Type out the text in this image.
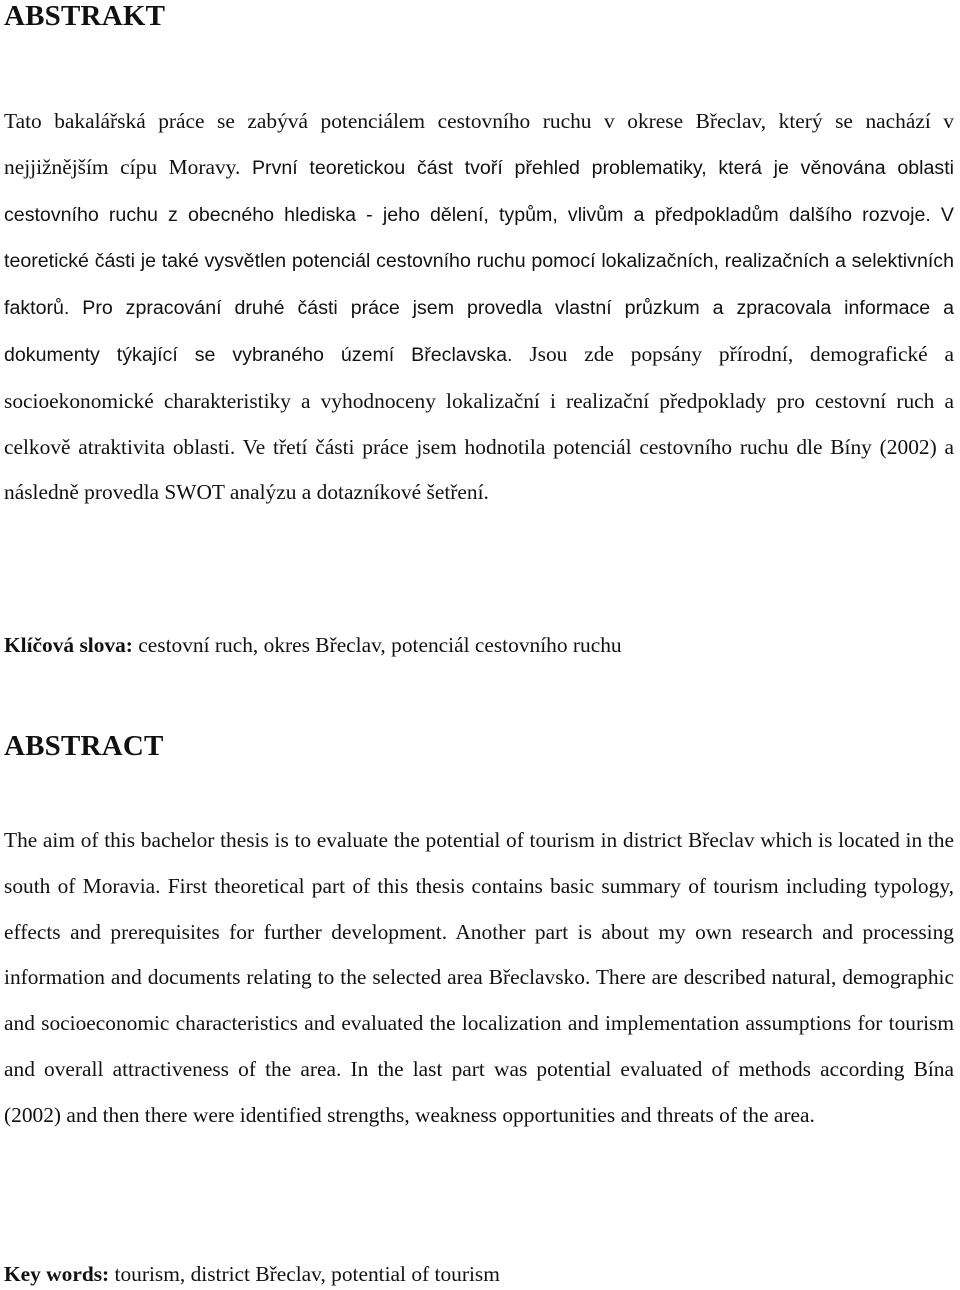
ABSTRAKT

Tato bakalářská práce se zabývá potenciálem cestovního ruchu v okrese Břeclav, který se nachází v nejjižnějším cípu Moravy. První teoretickou část tvoří přehled problematiky, která je věnována oblasti cestovního ruchu z obecného hlediska - jeho dělení, typům, vlivům a předpokladům dalšího rozvoje. V teoretické části je také vysvětlen potenciál cestovního ruchu pomocí lokalizačních, realizačních a selektivních faktorů. Pro zpracování druhé části práce jsem provedla vlastní průzkum a zpracovala informace a dokumenty týkající se vybraného území Břeclavska. Jsou zde popsány přírodní, demografické a socioekonomické charakteristiky a vyhodnoceny lokalizační i realizační předpoklady pro cestovní ruch a celkově atraktivita oblasti. Ve třetí části práce jsem hodnotila potenciál cestovního ruchu dle Bíny (2002) a následně provedla SWOT analýzu a dotazníkové šetření.

Klíčová slova: cestovní ruch, okres Břeclav, potenciál cestovního ruchu
ABSTRACT

The aim of this bachelor thesis is to evaluate the potential of tourism in district Břeclav which is located in the south of Moravia. First theoretical part of this thesis contains basic summary of tourism including typology, effects and prerequisites for further development. Another part is about my own research and processing information and documents relating to the selected area Břeclavsko. There are described natural, demographic and socioeconomic characteristics and evaluated the localization and implementation assumptions for tourism and overall attractiveness of the area. In the last part was potential evaluated of methods according Bína (2002) and then there were identified strengths, weakness opportunities and threats of the area.

Key words: tourism, district Břeclav, potential of tourism
